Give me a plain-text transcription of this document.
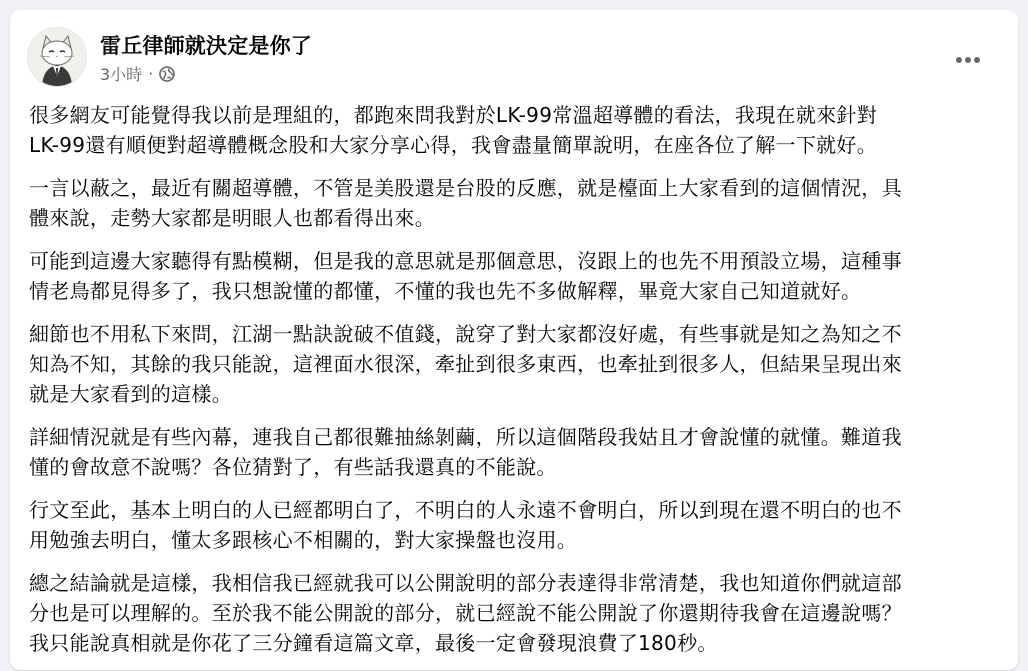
雷丘律師就決定是你了
3小時 ·

很多網友可能覺得我以前是理組的，都跑來問我對於LK-99常溫超導體的看法，我現在就來針對
LK-99還有順便對超導體概念股和大家分享心得，我會盡量簡單說明，在座各位了解一下就好。

一言以蔽之，最近有關超導體，不管是美股還是台股的反應，就是檯面上大家看到的這個情況，具
體來說，走勢大家都是明眼人也都看得出來。

可能到這邊大家聽得有點模糊，但是我的意思就是那個意思，沒跟上的也先不用預設立場，這種事
情老鳥都見得多了，我只想說懂的都懂，不懂的我也先不多做解釋，畢竟大家自己知道就好。

細節也不用私下來問，江湖一點訣說破不值錢，說穿了對大家都沒好處，有些事就是知之為知之不
知為不知，其餘的我只能說，這裡面水很深，牽扯到很多東西，也牽扯到很多人，但結果呈現出來
就是大家看到的這樣。

詳細情況就是有些內幕，連我自己都很難抽絲剝繭，所以這個階段我姑且才會說懂的就懂。難道我
懂的會故意不說嗎？各位猜對了，有些話我還真的不能說。

行文至此，基本上明白的人已經都明白了，不明白的人永遠不會明白，所以到現在還不明白的也不
用勉強去明白，懂太多跟核心不相關的，對大家操盤也沒用。

總之結論就是這樣，我相信我已經就我可以公開說明的部分表達得非常清楚，我也知道你們就這部
分也是可以理解的。至於我不能公開說的部分，就已經說不能公開說了你還期待我會在這邊說嗎？
我只能說真相就是你花了三分鐘看這篇文章，最後一定會發現浪費了180秒。
